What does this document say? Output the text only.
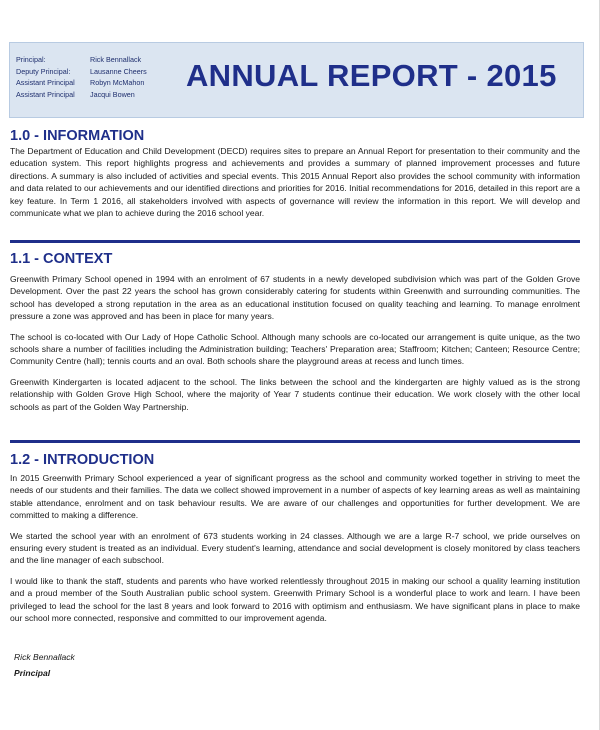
Principal:	Rick Bennallack
Deputy Principal:	Lausanne Cheers
Assistant Principal	Robyn McMahon
Assistant Principal	Jacqui Bowen
ANNUAL REPORT - 2015
1.0 - INFORMATION

The Department of Education and Child Development (DECD) requires sites to prepare an Annual Report for presentation to their community and the education system. This report highlights progress and achievements and provides a summary of planned improvement processes and future directions. A summary is also included of activities and special events. This 2015 Annual Report also provides the school community with information and data related to our achievements and our identified directions and priorities for 2016. Initial recommendations for 2016, detailed in this report are a key feature. In Term 1 2016, all stakeholders involved with aspects of governance will review the information in this report. We will develop and communicate what we plan to achieve during the 2016 school year.

1.1 - CONTEXT

Greenwith Primary School opened in 1994 with an enrolment of 67 students in a newly developed subdivision which was part of the Golden Grove Development. Over the past 22 years the school has grown considerably catering for students within Greenwith and surrounding communities. The school has developed a strong reputation in the area as an educational institution focused on quality teaching and learning. To manage enrolment pressure a zone was approved and has been in place for many years.

The school is co-located with Our Lady of Hope Catholic School. Although many schools are co-located our arrangement is quite unique, as the two schools share a number of facilities including the Administration building; Teachers' Preparation area; Staffroom; Kitchen; Canteen; Resource Centre; Community Centre (hall); tennis courts and an oval. Both schools share the playground areas at recess and lunch times.

Greenwith Kindergarten is located adjacent to the school. The links between the school and the kindergarten are highly valued as is the strong relationship with Golden Grove High School, where the majority of Year 7 students continue their education. We work closely with the other local schools as part of the Golden Way Partnership.

1.2 - INTRODUCTION

In 2015 Greenwith Primary School experienced a year of significant progress as the school and community worked together in striving to meet the needs of our students and their families. The data we collect showed improvement in a number of aspects of key learning areas as well as maintaining stable attendance, enrolment and on task behaviour results. We are aware of our challenges and opportunities for further development. We are committed to making a difference.

We started the school year with an enrolment of 673 students working in 24 classes. Although we are a large R-7 school, we pride ourselves on ensuring every student is treated as an individual. Every student's learning, attendance and social development is closely monitored by class teachers and the line manager of each subschool.

I would like to thank the staff, students and parents who have worked relentlessly throughout 2015 in making our school a quality learning institution and a proud member of the South Australian public school system. Greenwith Primary School is a wonderful place to work and learn. I have been privileged to lead the school for the last 8 years and look forward to 2016 with optimism and enthusiasm. We have significant plans in place to make our school more connected, responsive and committed to our improvement agenda.

Rick Bennallack
Principal
